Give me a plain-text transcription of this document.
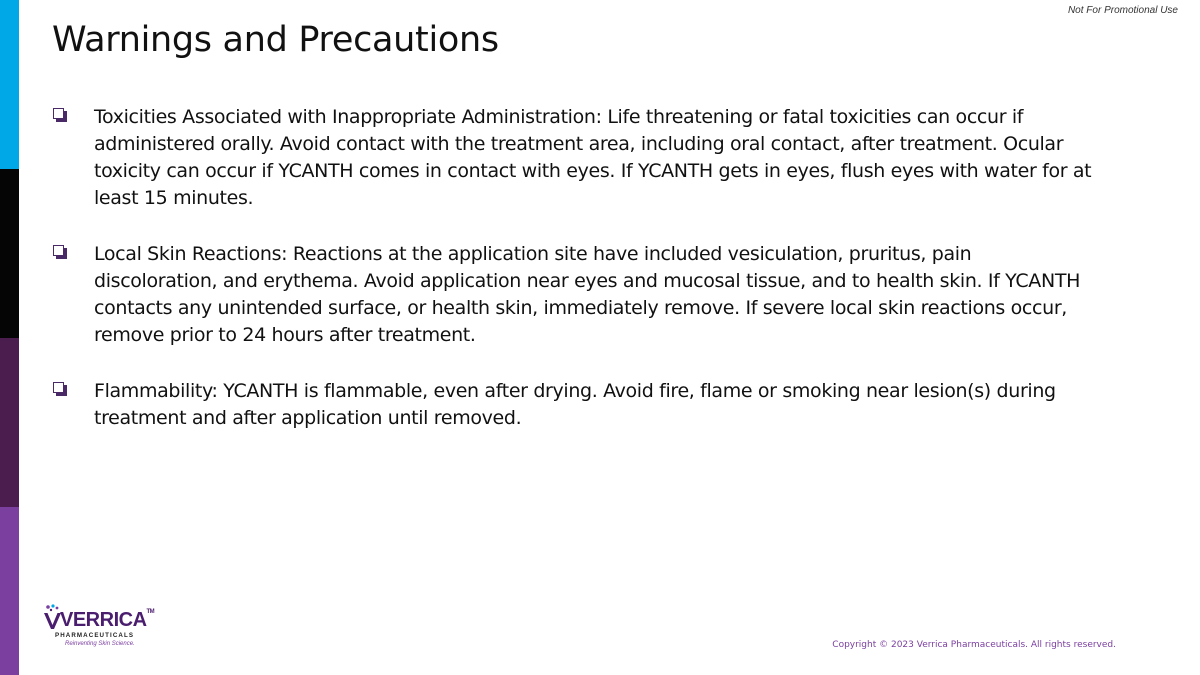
Not For Promotional Use
Warnings and Precautions
Toxicities Associated with Inappropriate Administration: Life threatening or fatal toxicities can occur if administered orally. Avoid contact with the treatment area, including oral contact, after treatment. Ocular toxicity can occur if YCANTH comes in contact with eyes. If YCANTH gets in eyes, flush eyes with water for at least 15 minutes.
Local Skin Reactions: Reactions at the application site have included vesiculation, pruritus, pain discoloration, and erythema. Avoid application near eyes and mucosal tissue, and to health skin. If YCANTH contacts any unintended surface, or health skin, immediately remove. If severe local skin reactions occur, remove prior to 24 hours after treatment.
Flammability: YCANTH is flammable, even after drying. Avoid fire, flame or smoking near lesion(s) during treatment and after application until removed.
VERRICA™
PHARMACEUTICALS
Reinventing Skin Science.	Copyright © 2023 Verrica Pharmaceuticals. All rights reserved.
